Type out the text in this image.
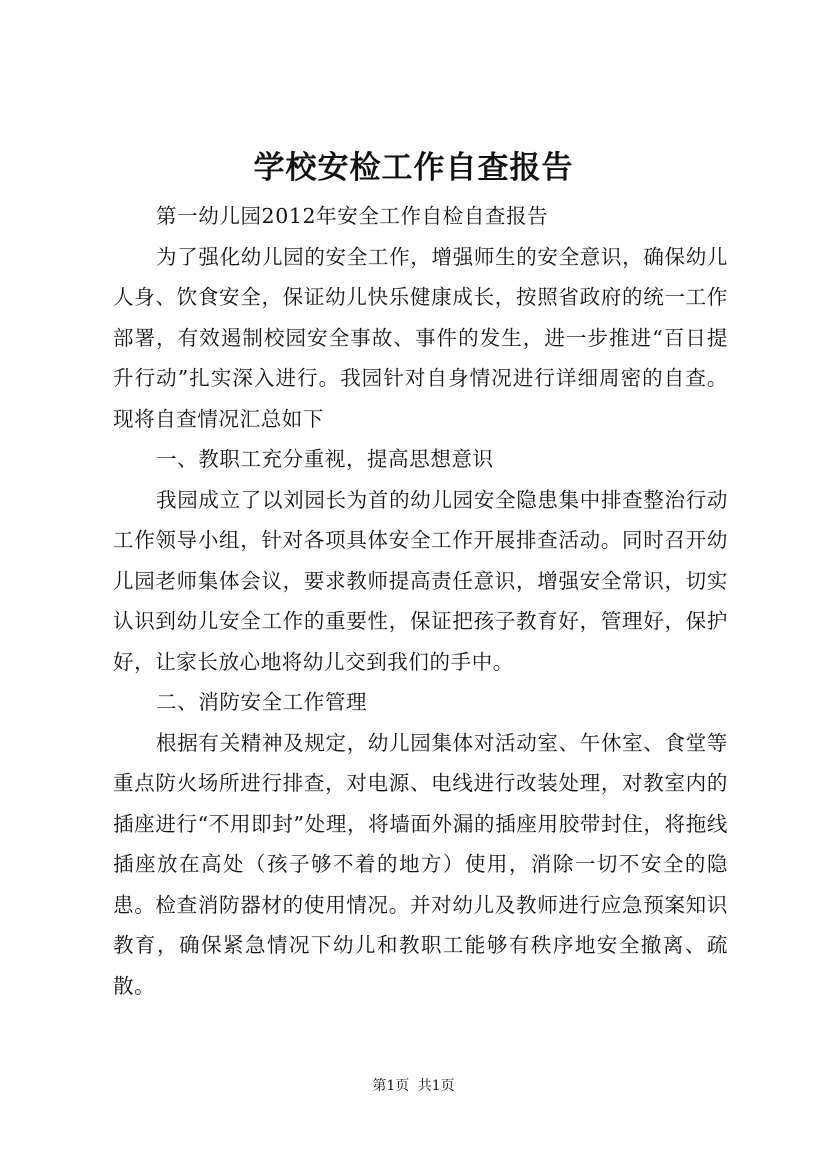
学校安检工作自查报告

第一幼儿园2012年安全工作自检自查报告

为了强化幼儿园的安全工作，增强师生的安全意识，确保幼儿人身、饮食安全，保证幼儿快乐健康成长，按照省政府的统一工作部署，有效遏制校园安全事故、事件的发生，进一步推进“百日提升行动”扎实深入进行。我园针对自身情况进行详细周密的自查。现将自查情况汇总如下

一、教职工充分重视，提高思想意识

我园成立了以刘园长为首的幼儿园安全隐患集中排查整治行动工作领导小组，针对各项具体安全工作开展排查活动。同时召开幼儿园老师集体会议，要求教师提高责任意识，增强安全常识，切实认识到幼儿安全工作的重要性，保证把孩子教育好，管理好，保护好，让家长放心地将幼儿交到我们的手中。

二、消防安全工作管理

根据有关精神及规定，幼儿园集体对活动室、午休室、食堂等重点防火场所进行排查，对电源、电线进行改装处理，对教室内的插座进行“不用即封”处理，将墙面外漏的插座用胶带封住，将拖线插座放在高处（孩子够不着的地方）使用，消除一切不安全的隐患。检查消防器材的使用情况。并对幼儿及教师进行应急预案知识教育，确保紧急情况下幼儿和教职工能够有秩序地安全撤离、疏散。

第1页 共1页
